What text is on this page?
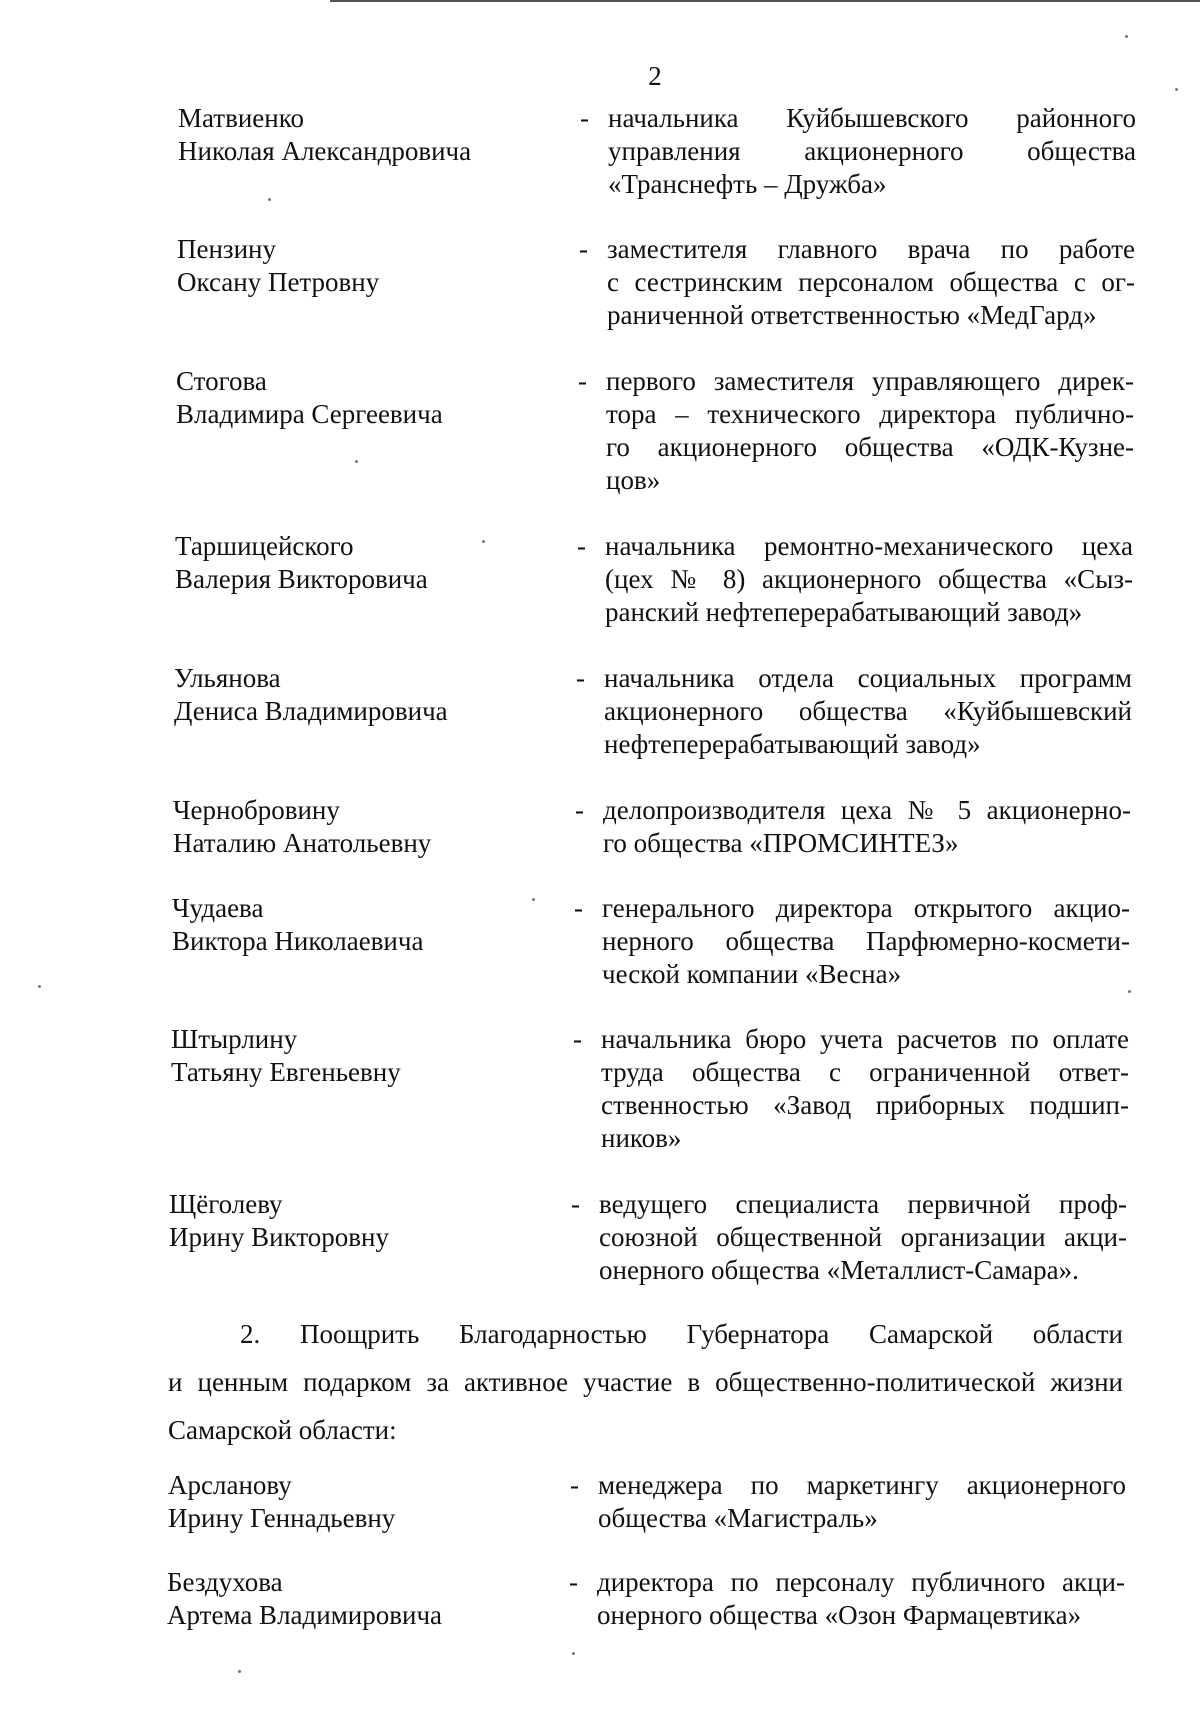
2
Матвиенко
Николая Александровича
- начальника Куйбышевского районного
управления акционерного общества
«Транснефть – Дружба»
Пензину
Оксану Петровну
- заместителя главного врача по работе
с сестринским персоналом общества с ог-
раниченной ответственностью «МедГард»
Стогова
Владимира Сергеевича
- первого заместителя управляющего дирек-
тора – технического директора публично-
го акционерного общества «ОДК-Кузне-
цов»
Таршицейского
Валерия Викторовича
- начальника ремонтно-механического цеха
(цех № 8) акционерного общества «Сыз-
ранский нефтеперерабатывающий завод»
Ульянова
Дениса Владимировича
- начальника отдела социальных программ
акционерного общества «Куйбышевский
нефтеперерабатывающий завод»
Чернобровину
Наталию Анатольевну
- делопроизводителя цеха № 5 акционерно-
го общества «ПРОМСИНТЕЗ»
Чудаева
Виктора Николаевича
- генерального директора открытого акцио-
нерного общества Парфюмерно-космети-
ческой компании «Весна»
Штырлину
Татьяну Евгеньевну
- начальника бюро учета расчетов по оплате
труда общества с ограниченной ответ-
ственностью «Завод приборных подшип-
ников»
Щёголеву
Ирину Викторовну
- ведущего специалиста первичной проф-
союзной общественной организации акци-
онерного общества «Металлист-Самара».
2. Поощрить Благодарностью Губернатора Самарской области
и ценным подарком за активное участие в общественно-политической жизни
Самарской области:
Арсланову
Ирину Геннадьевну
- менеджера по маркетингу акционерного
общества «Магистраль»
Бездухова
Артема Владимировича
- директора по персоналу публичного акци-
онерного общества «Озон Фармацевтика»
